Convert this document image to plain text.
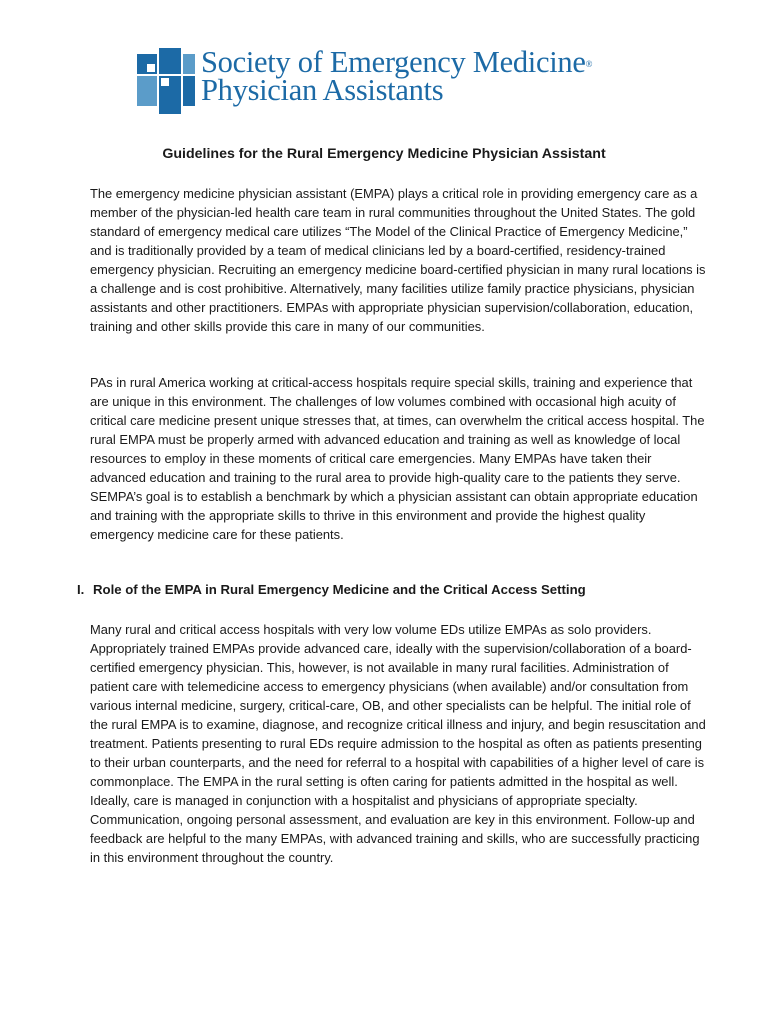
Society of Emergency Medicine®
Physician Assistants
Guidelines for the Rural Emergency Medicine Physician Assistant

The emergency medicine physician assistant (EMPA) plays a critical role in providing emergency care as a member of the physician-led health care team in rural communities throughout the United States. The gold standard of emergency medical care utilizes “The Model of the Clinical Practice of Emergency Medicine,” and is traditionally provided by a team of medical clinicians led by a board-certified, residency-trained emergency physician. Recruiting an emergency medicine board-certified physician in many rural locations is a challenge and is cost prohibitive. Alternatively, many facilities utilize family practice physicians, physician assistants and other practitioners. EMPAs with appropriate physician supervision/collaboration, education, training and other skills provide this care in many of our communities.

PAs in rural America working at critical-access hospitals require special skills, training and experience that are unique in this environment. The challenges of low volumes combined with occasional high acuity of critical care medicine present unique stresses that, at times, can overwhelm the critical access hospital. The rural EMPA must be properly armed with advanced education and training as well as knowledge of local resources to employ in these moments of critical care emergencies. Many EMPAs have taken their advanced education and training to the rural area to provide high-quality care to the patients they serve. SEMPA’s goal is to establish a benchmark by which a physician assistant can obtain appropriate education and training with the appropriate skills to thrive in this environment and provide the highest quality emergency medicine care for these patients.

I. Role of the EMPA in Rural Emergency Medicine and the Critical Access Setting

Many rural and critical access hospitals with very low volume EDs utilize EMPAs as solo providers. Appropriately trained EMPAs provide advanced care, ideally with the supervision/collaboration of a board-certified emergency physician. This, however, is not available in many rural facilities. Administration of patient care with telemedicine access to emergency physicians (when available) and/or consultation from various internal medicine, surgery, critical-care, OB, and other specialists can be helpful. The initial role of the rural EMPA is to examine, diagnose, and recognize critical illness and injury, and begin resuscitation and treatment. Patients presenting to rural EDs require admission to the hospital as often as patients presenting to their urban counterparts, and the need for referral to a hospital with capabilities of a higher level of care is commonplace. The EMPA in the rural setting is often caring for patients admitted in the hospital as well. Ideally, care is managed in conjunction with a hospitalist and physicians of appropriate specialty. Communication, ongoing personal assessment, and evaluation are key in this environment. Follow-up and feedback are helpful to the many EMPAs, with advanced training and skills, who are successfully practicing in this environment throughout the country.
